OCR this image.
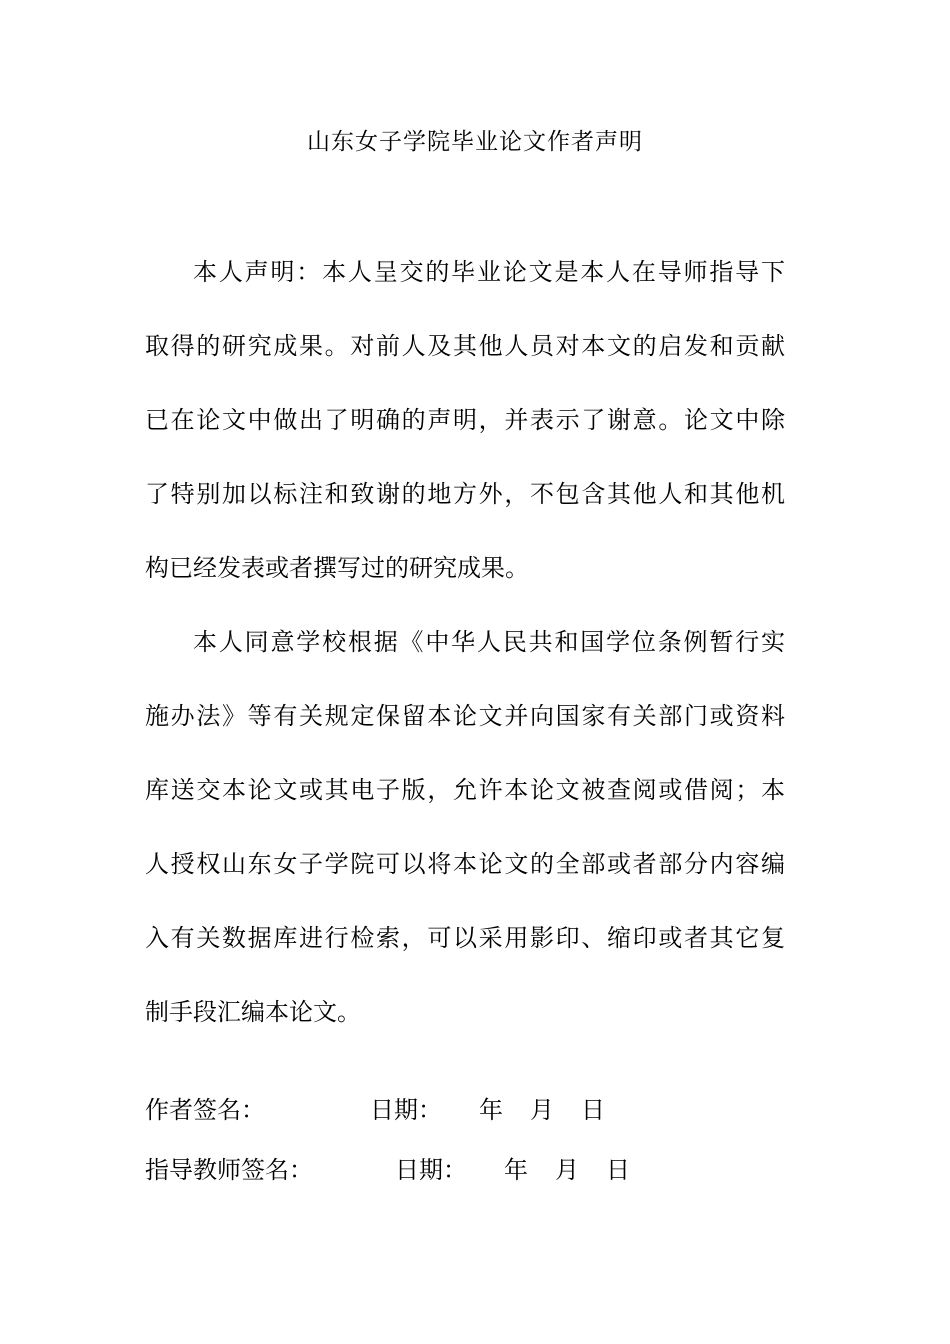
山东女子学院毕业论文作者声明
本人声明：本人呈交的毕业论文是本人在导师指导下
取得的研究成果。对前人及其他人员对本文的启发和贡献
已在论文中做出了明确的声明，并表示了谢意。论文中除
了特别加以标注和致谢的地方外，不包含其他人和其他机
构已经发表或者撰写过的研究成果。
本人同意学校根据《中华人民共和国学位条例暂行实
施办法》等有关规定保留本论文并向国家有关部门或资料
库送交本论文或其电子版，允许本论文被查阅或借阅；本
人授权山东女子学院可以将本论文的全部或者部分内容编
入有关数据库进行检索，可以采用影印、缩印或者其它复
制手段汇编本论文。
作者签名：	日期： 年 月 日
指导教师签名：	日期： 年 月 日
